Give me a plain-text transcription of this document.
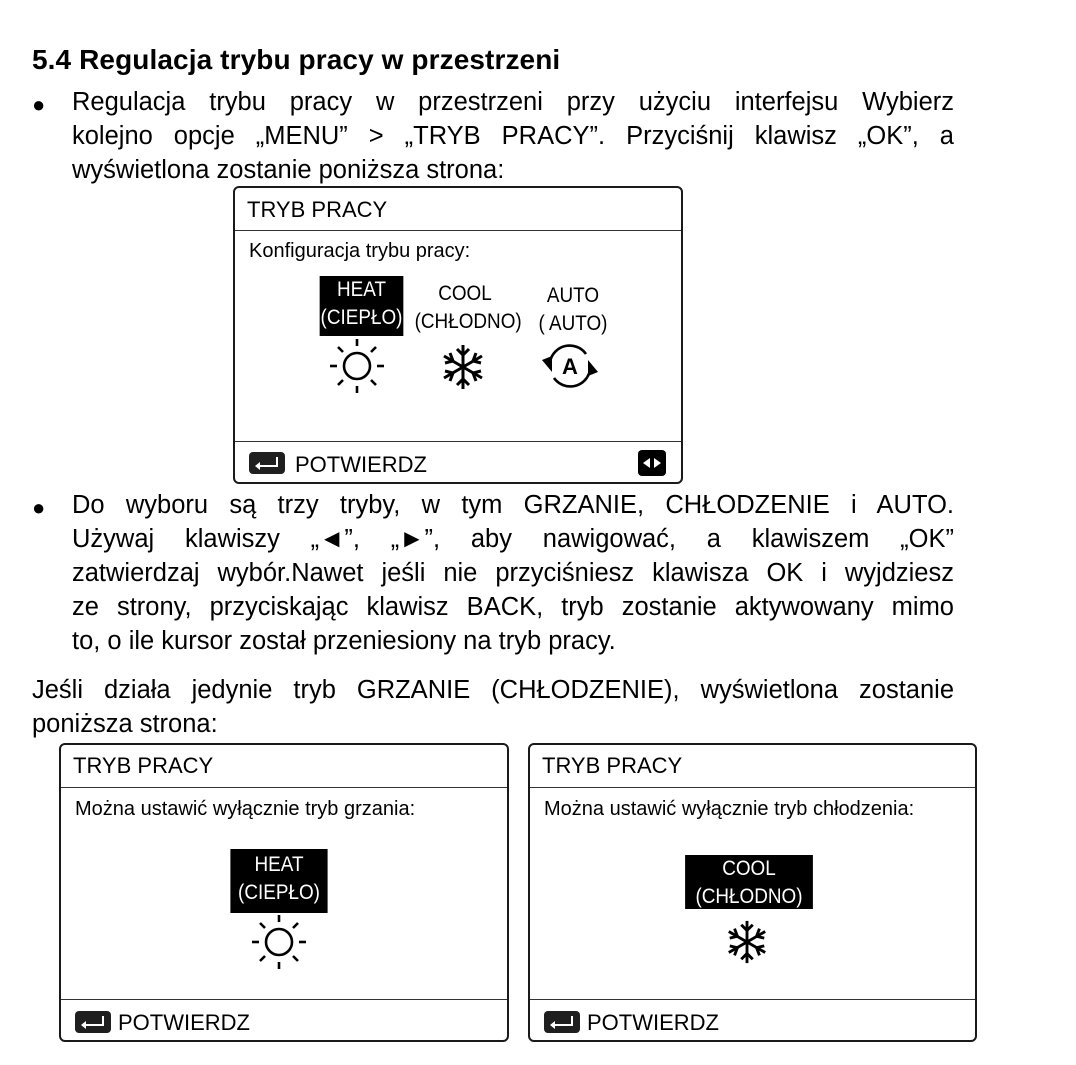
5.4 Regulacja trybu pracy w przestrzeni
● Regulacja trybu pracy w przestrzeni przy użyciu interfejsu Wybierz
kolejno opcje „MENU” > „TRYB PRACY”. Przyciśnij klawisz „OK”, a
wyświetlona zostanie poniższa strona:
TRYB PRACY
Konfiguracja trybu pracy:
HEAT
(CIEPŁO)
COOL
(CHŁODNO)
AUTO
( AUTO)
A
POTWIERDZ
● Do wyboru są trzy tryby, w tym GRZANIE, CHŁODZENIE i AUTO.
Używaj klawiszy „◄”, „►”, aby nawigować, a klawiszem „OK”
zatwierdzaj wybór.Nawet jeśli nie przyciśniesz klawisza OK i wyjdziesz
ze strony, przyciskając klawisz BACK, tryb zostanie aktywowany mimo
to, o ile kursor został przeniesiony na tryb pracy.
Jeśli działa jedynie tryb GRZANIE (CHŁODZENIE), wyświetlona zostanie
poniższa strona:
TRYB PRACY
Można ustawić wyłącznie tryb grzania:
HEAT
(CIEPŁO)
POTWIERDZ
TRYB PRACY
Można ustawić wyłącznie tryb chłodzenia:
COOL
(CHŁODNO)
POTWIERDZ
